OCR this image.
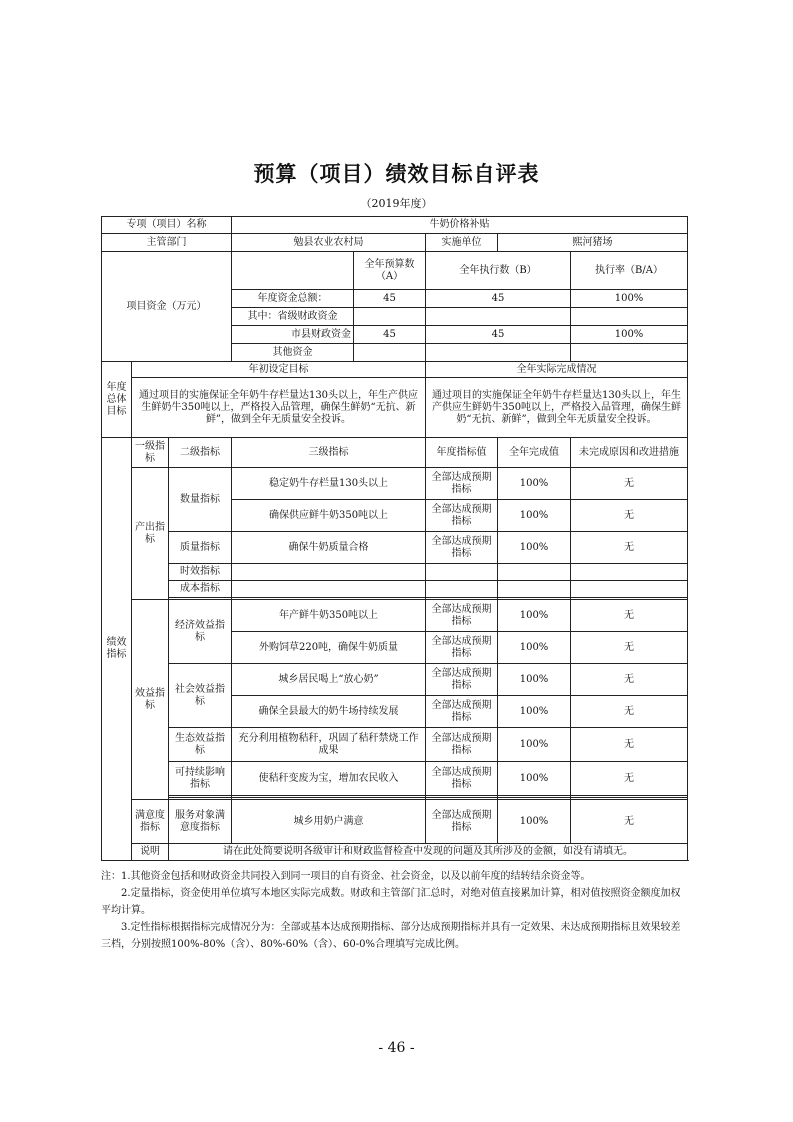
预算（项目）绩效目标自评表
（2019年度）
专项（项目）名称			牛奶价格补贴				
主管部门			勉县农业农村局		实施单位	熙河猪场	
项目资金（万元）				全年预算数（A）	全年执行数（B）		执行率（B/A）
			年度资金总额：	45	45		100%
			其中：省级财政资金				
			市县财政资金	45	45		100%
			其他资金				
年度总体目标	年初设定目标				全年实际完成情况		
	通过项目的实施保证全年奶牛存栏量达130头以上，年生产供应生鲜奶牛350吨以上，严格投入品管理，确保生鲜奶“无抗、新鲜”，做到全年无质量安全投诉。				通过项目的实施保证全年奶牛存栏量达130头以上，年生产供应生鲜奶牛350吨以上，严格投入品管理，确保生鲜奶“无抗、新鲜”，做到全年无质量安全投诉。		
绩效指标	一级指标	二级指标	三级指标		年度指标值	全年完成值	未完成原因和改进措施
	产出指标	数量指标	稳定奶牛存栏量130头以上		全部达成预期指标	100%	无
			确保供应鲜牛奶350吨以上		全部达成预期指标	100%	无
		质量指标	确保牛奶质量合格		全部达成预期指标	100%	无
		时效指标					
		成本指标					

	效益指标	经济效益指标	年产鲜牛奶350吨以上		全部达成预期指标	100%	无
			外购饲草220吨，确保牛奶质量		全部达成预期指标	100%	无
		社会效益指标	城乡居民喝上“放心奶”		全部达成预期指标	100%	无
			确保全县最大的奶牛场持续发展		全部达成预期指标	100%	无
		生态效益指标	充分利用植物秸秆，巩固了秸秆禁烧工作成果		全部达成预期指标	100%	无
		可持续影响指标	使秸秆变废为宝，增加农民收入		全部达成预期指标	100%	无

	满意度指标	服务对象满意度指标	城乡用奶户满意		全部达成预期指标	100%	无
	说明	请在此处简要说明各级审计和财政监督检查中发现的问题及其所涉及的金额，如没有请填无。					

注：1.其他资金包括和财政资金共同投入到同一项目的自有资金、社会资金，以及以前年度的结转结余资金等。

2.定量指标，资金使用单位填写本地区实际完成数。财政和主管部门汇总时，对绝对值直接累加计算，相对值按照资金额度加权平均计算。

3.定性指标根据指标完成情况分为：全部或基本达成预期指标、部分达成预期指标并具有一定效果、未达成预期指标且效果较差三档，分别按照100%-80%（含）、80%-60%（含）、60-0%合理填写完成比例。

- 46 -
